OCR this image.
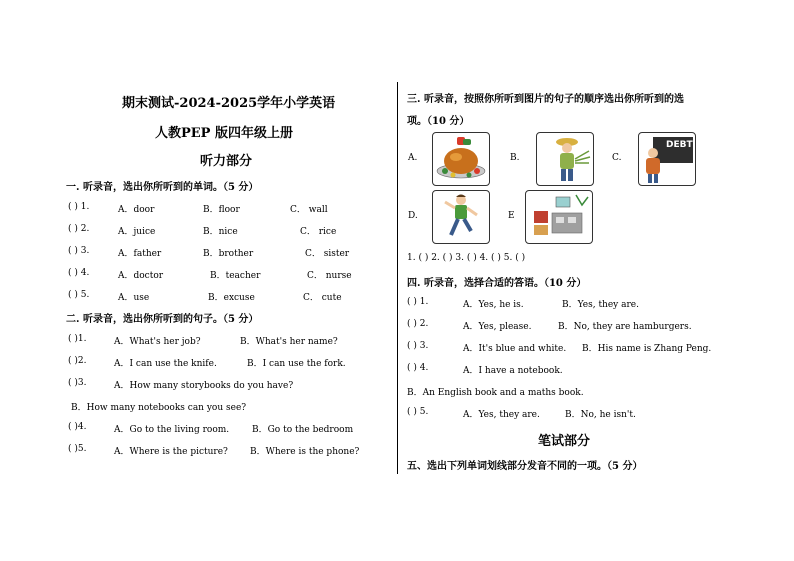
期末测试-2024-2025学年小学英语
人教PEP 版四年级上册
听力部分
一. 听录音，选出你所听到的单词。（5 分）
( ) 1.	A．door	B．floor	C． wall
( ) 2.	A．juice	B．nice	C． rice
( ) 3.	A．father	B．brother	C． sister
( ) 4.	A．doctor	B．teacher	C． nurse
( ) 5.	A．use	B．excuse	C． cute
二. 听录音，选出你所听到的句子。（5 分）
( )1.	A．What's her job?	B．What's her name?
( )2.	A．I can use the knife.	B．I can use the fork.
( )3.	A．How many storybooks do you have?
B．How many notebooks can you see?
( )4.	A．Go to the living room.	B．Go to the bedroom
( )5.	A．Where is the picture? B．Where is the phone?
三. 听录音，按照你所听到图片的句子的顺序选出你所听到的选
项。（10 分）
A.	B.	C.
DEBT
D.	E
1. ( ) 2. ( ) 3. ( ) 4. ( ) 5. ( )
四. 听录音，选择合适的答语。（10 分）
( ) 1.	A．Yes, he is.	B．Yes, they are.
( ) 2.	A．Yes, please.	B．No, they are hamburgers.
( ) 3.	A．It's blue and white. B．His name is Zhang Peng.
( ) 4.	A．I have a notebook.
B．An English book and a maths book.
( ) 5.	A．Yes, they are.	B．No, he isn't.
笔试部分
五、选出下列单词划线部分发音不同的一项。（5 分）
